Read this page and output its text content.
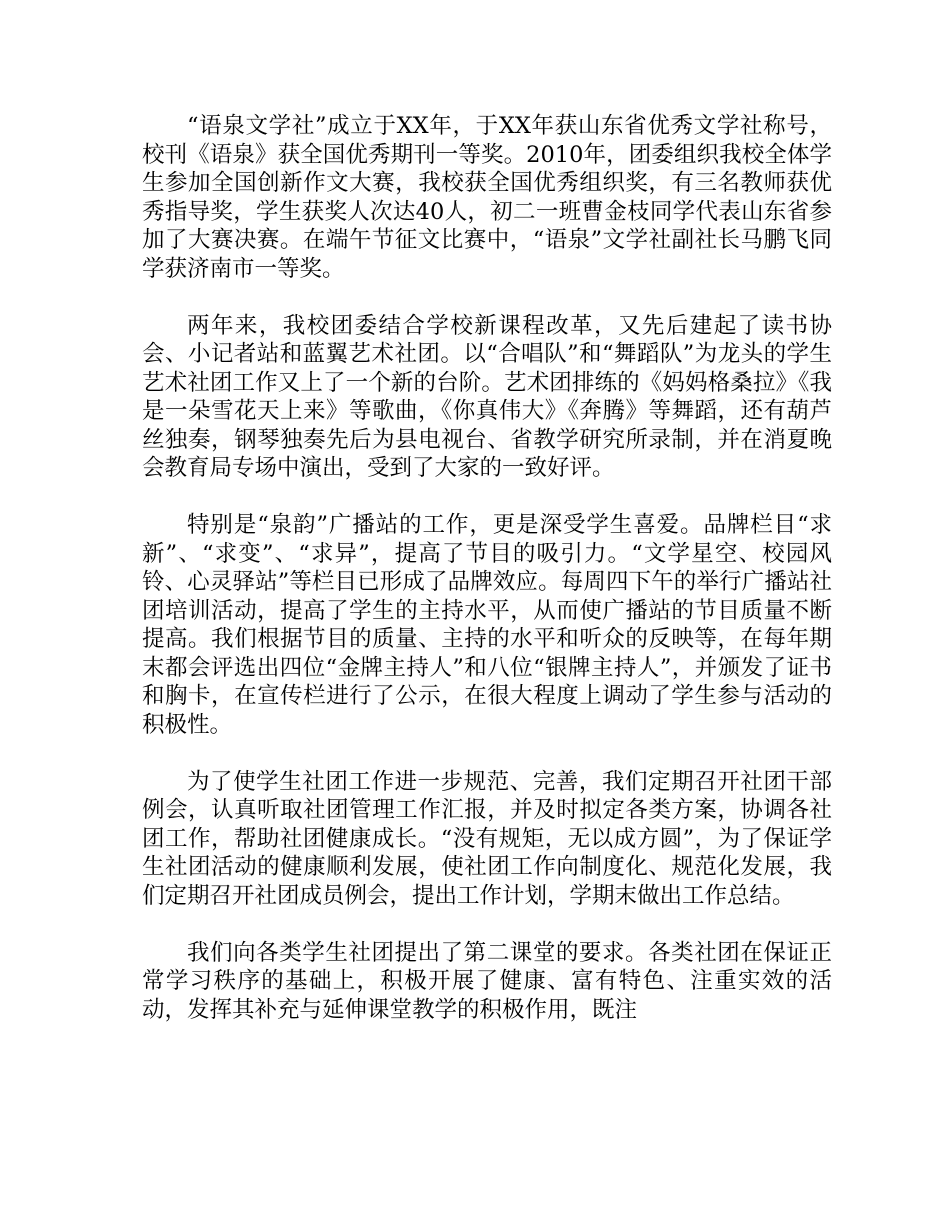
“语泉文学社”成立于XX年，于XX年获山东省优秀文学社称号，校刊《语泉》获全国优秀期刊一等奖。2010年，团委组织我校全体学生参加全国创新作文大赛，我校获全国优秀组织奖，有三名教师获优秀指导奖，学生获奖人次达40人，初二一班曹金枝同学代表山东省参加了大赛决赛。在端午节征文比赛中，“语泉”文学社副社长马鹏飞同学获济南市一等奖。

两年来，我校团委结合学校新课程改革，又先后建起了读书协会、小记者站和蓝翼艺术社团。以“合唱队”和“舞蹈队”为龙头的学生艺术社团工作又上了一个新的台阶。艺术团排练的《妈妈格桑拉》《我是一朵雪花天上来》等歌曲，《你真伟大》《奔腾》等舞蹈，还有葫芦丝独奏，钢琴独奏先后为县电视台、省教学研究所录制，并在消夏晚会教育局专场中演出，受到了大家的一致好评。

特别是“泉韵”广播站的工作，更是深受学生喜爱。品牌栏目“求新”、“求变”、“求异”，提高了节目的吸引力。“文学星空、校园风铃、心灵驿站”等栏目已形成了品牌效应。每周四下午的举行广播站社团培训活动，提高了学生的主持水平，从而使广播站的节目质量不断提高。我们根据节目的质量、主持的水平和听众的反映等，在每年期末都会评选出四位“金牌主持人”和八位“银牌主持人”，并颁发了证书和胸卡，在宣传栏进行了公示，在很大程度上调动了学生参与活动的积极性。

为了使学生社团工作进一步规范、完善，我们定期召开社团干部例会，认真听取社团管理工作汇报，并及时拟定各类方案，协调各社团工作，帮助社团健康成长。“没有规矩，无以成方圆”，为了保证学生社团活动的健康顺利发展，使社团工作向制度化、规范化发展，我们定期召开社团成员例会，提出工作计划，学期末做出工作总结。

我们向各类学生社团提出了第二课堂的要求。各类社团在保证正常学习秩序的基础上，积极开展了健康、富有特色、注重实效的活动，发挥其补充与延伸课堂教学的积极作用，既注
